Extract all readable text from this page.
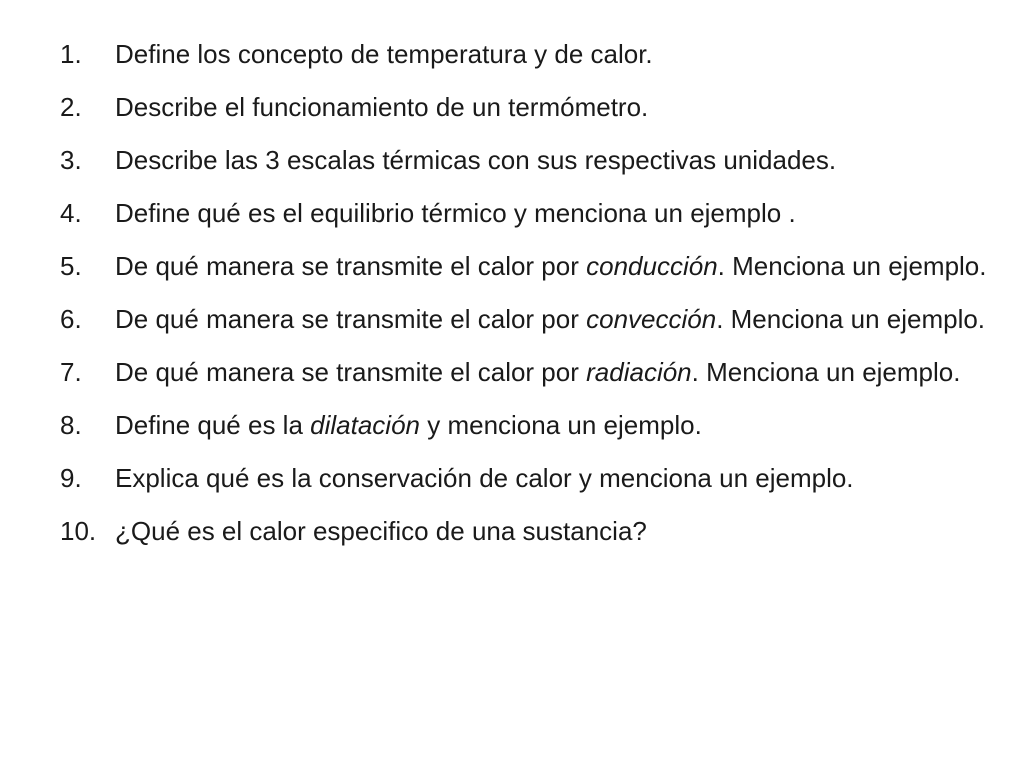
1.	Define los concepto de temperatura y de calor.
2.	Describe el funcionamiento de un termómetro.
3.	Describe las 3 escalas térmicas con sus respectivas unidades.
4.	Define qué es el equilibrio térmico y menciona un ejemplo .
5.	De qué manera se transmite el calor por conducción. Menciona un ejemplo.
6.	De qué manera se transmite el calor por convección. Menciona un ejemplo.
7.	De qué manera se transmite el calor por radiación. Menciona un ejemplo.
8.	Define qué es la dilatación y menciona un ejemplo.
9.	Explica qué es la conservación de calor y menciona un ejemplo.
10. ¿Qué es el calor especifico de una sustancia?
